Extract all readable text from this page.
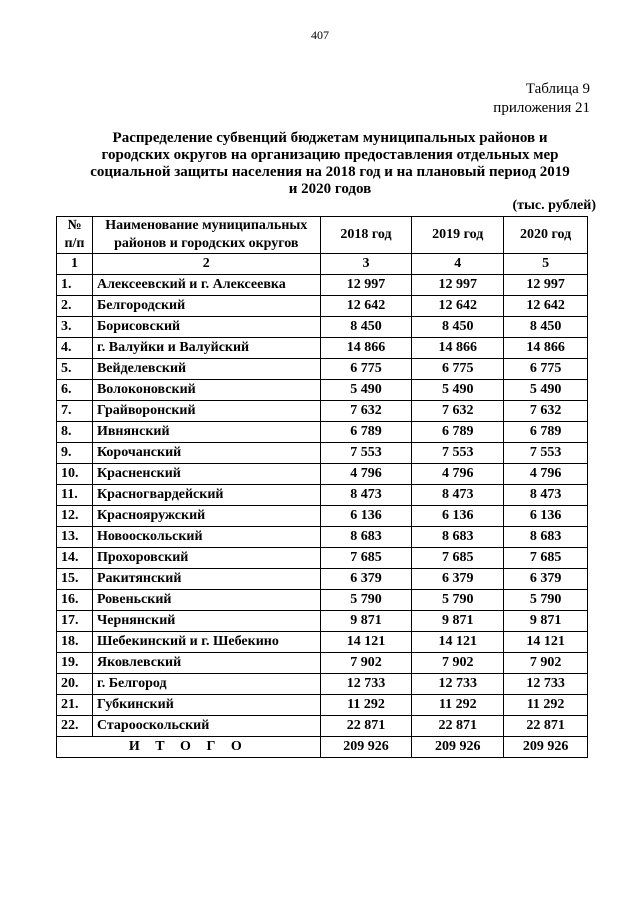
407
Таблица 9
приложения 21
Распределение субвенций бюджетам муниципальных районов и городских округов на организацию предоставления отдельных мер социальной защиты населения на 2018 год и на плановый период 2019 и 2020 годов
(тыс. рублей)
№ п/п	Наименование муниципальных районов и городских округов	2018 год	2019 год	2020 год
1	2	3	4	5
1.	Алексеевский и г. Алексеевка	12 997	12 997	12 997
2.	Белгородский	12 642	12 642	12 642
3.	Борисовский	8 450	8 450	8 450
4.	г. Валуйки и Валуйский	14 866	14 866	14 866
5.	Вейделевский	6 775	6 775	6 775
6.	Волоконовский	5 490	5 490	5 490
7.	Грайворонский	7 632	7 632	7 632
8.	Ивнянский	6 789	6 789	6 789
9.	Корочанский	7 553	7 553	7 553
10.	Красненский	4 796	4 796	4 796
11.	Красногвардейский	8 473	8 473	8 473
12.	Краснояружский	6 136	6 136	6 136
13.	Новооскольский	8 683	8 683	8 683
14.	Прохоровский	7 685	7 685	7 685
15.	Ракитянский	6 379	6 379	6 379
16.	Ровеньский	5 790	5 790	5 790
17.	Чернянский	9 871	9 871	9 871
18.	Шебекинский и г. Шебекино	14 121	14 121	14 121
19.	Яковлевский	7 902	7 902	7 902
20.	г. Белгород	12 733	12 733	12 733
21.	Губкинский	11 292	11 292	11 292
22.	Старооскольский	22 871	22 871	22 871
И Т О Г О		209 926	209 926	209 926
